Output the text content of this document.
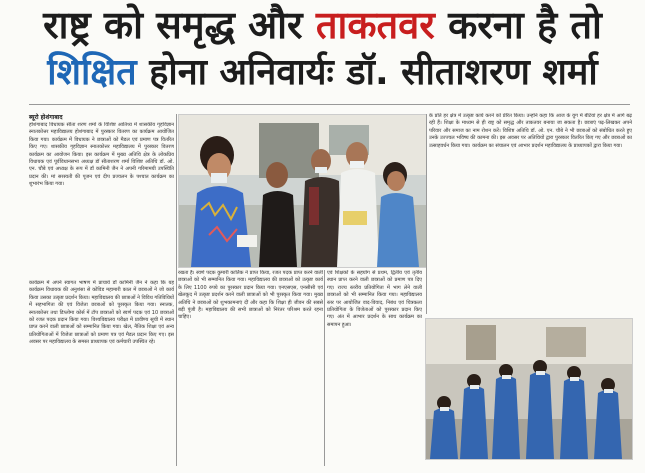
राष्ट्र को समृद्ध और ताकतवर करना है तो
शिक्षित होना अनिवार्यः डॉ. सीताशरण शर्मा
ब्यूरो होशंगाबाद
होशंगाबाद विधायक सीता शरण शर्मा के विशिष्ट आतिथ्य में शासकीय गृहविज्ञान स्नातकोत्तर महाविद्यालय होशंगाबाद में पुरस्कार वितरण का कार्यक्रम आयोजित किया गया। कार्यक्रम में विधायक ने छात्राओं को मैडल एवं प्रमाण पत्र वितरित किए गए। शासकीय गृहविज्ञान स्नातकोत्तर महाविद्यालय में पुरस्कार वितरण कार्यक्रम का आयोजन किया। इस कार्यक्रम में मुख्य अतिथि क्षेत्र के लोकप्रिय विधायक एवं पूर्वविधानसभा अध्यक्ष डॉ सीताशरण शर्मा विशिष्ट अतिथि डॉ. ओ. एन. चौबे एवं अध्यक्ष के रूप में डॉ कामिनी जैन ने अपनी गरिमामयी उपस्थिति प्रदान की। मां सरस्वती की पूजन एवं दीप प्रज्वलन के पश्चात कार्यक्रम का शुभारंभ किया गया।
कार्यक्रम में अपने स्वागत भाषण में प्राचार्य डॉ कामिनी जैन ने कहा कि यह कार्यक्रम विधायक की अनुशंसा से कोविड महामारी काल में छात्राओं ने जो कार्य किया उसका उत्कृष्ट प्रदर्शन किया। महाविद्यालय की छात्राओं ने विविध गतिविधियों में सहभागिता की एवं विजेता छात्राओं को पुरस्कृत किया गया। स्नातक, स्नातकोत्तर तथा डिप्लोमा कोर्स में टॉप छात्राओं को स्वर्ण पदक एवं 10 छात्राओं को रजत पदक प्रदान किया गया। विश्वविद्यालय परीक्षा में प्रावीण्य सूची में स्थान प्राप्त करने वाली छात्राओं को सम्मानित किया गया। खेल, नैतिक शिक्षा एवं अन्य प्रतियोगिताओं में विजेता छात्राओं को प्रमाण पत्र एवं मैडल प्रदान किए गए। इस अवसर पर महाविद्यालय के समस्त प्राध्यापक एवं कर्मचारी उपस्थित रहे।
रखता है। स्वर्ण पदक कुमारी कार्तिक ने प्राप्त किया, रजत पदक प्राप्त करने वाली छात्राओं को भी सम्मानित किया गया। महाविद्यालय की छात्राओं को उत्कृष्ट कार्य के लिए 1100 रुपये का पुरस्कार प्रदान किया गया। एनएसएस, एनसीसी एवं खेलकूद में उत्कृष्ट प्रदर्शन करने वाली छात्राओं को भी पुरस्कृत किया गया। मुख्य अतिथि ने छात्राओं को शुभकामनाएं दीं और कहा कि शिक्षा ही जीवन की सबसे बड़ी पूंजी है। महाविद्यालय की सभी छात्राओं को निरंतर परिश्रम करते रहना चाहिए।
एवं शिक्षकों के सहयोग से प्रथम, द्वितीय एवं तृतीय स्थान प्राप्त करने वाली छात्राओं को प्रमाण पत्र दिए गए। राज्य स्तरीय प्रतियोगिता में भाग लेने वाली छात्राओं को भी सम्मानित किया गया। महाविद्यालय स्तर पर आयोजित वाद-विवाद, निबंध एवं चित्रकला प्रतियोगिता के विजेताओं को पुरस्कार प्रदान किए गए। अंत में आभार प्रदर्शन के साथ कार्यक्रम का समापन हुआ।
के प्रति हर क्षेत्र में उत्कृष्ट कार्य करने को प्रेरित किया। उन्होंने कहा कि आज के युग में बेटियां हर क्षेत्र में आगे बढ़ रही हैं। शिक्षा के माध्यम से ही राष्ट्र को समृद्ध और ताकतवर बनाया जा सकता है। छात्राएं पढ़-लिखकर अपने परिवार और समाज का नाम रोशन करें। विशिष्ट अतिथि डॉ. ओ. एन. चौबे ने भी छात्राओं को संबोधित करते हुए उनके उज्ज्वल भविष्य की कामना की। इस अवसर पर अतिथियों द्वारा पुरस्कार वितरित किए गए और छात्राओं का उत्साहवर्धन किया गया। कार्यक्रम का संचालन एवं आभार प्रदर्शन महाविद्यालय के प्राध्यापकों द्वारा किया गया।
